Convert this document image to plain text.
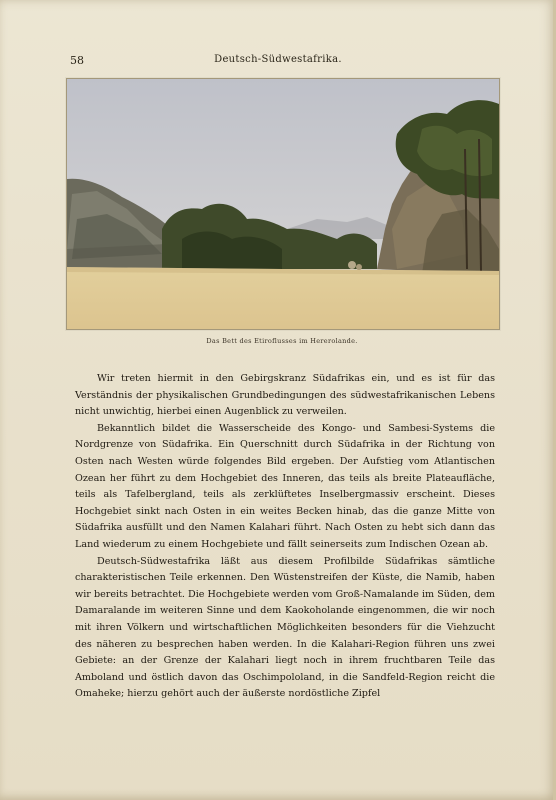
58	Deutsch-Südwestafrika.
Das Bett des Etiroflusses im Hererolande.

Wir treten hiermit in den Gebirgskranz Südafrikas ein, und es ist für das Verständnis der physikalischen Grundbedingungen des südwestafrikanischen Lebens nicht unwichtig, hierbei einen Augenblick zu verweilen.

Bekanntlich bildet die Wasserscheide des Kongo- und Sambesi-Systems die Nordgrenze von Südafrika. Ein Querschnitt durch Südafrika in der Richtung von Osten nach Westen würde folgendes Bild ergeben. Der Aufstieg vom Atlantischen Ozean her führt zu dem Hochgebiet des Inneren, das teils als breite Plateaufläche, teils als Tafelbergland, teils als zerklüftetes Inselbergmassiv erscheint. Dieses Hochgebiet sinkt nach Osten in ein weites Becken hinab, das die ganze Mitte von Südafrika ausfüllt und den Namen Kalahari führt. Nach Osten zu hebt sich dann das Land wiederum zu einem Hochgebiete und fällt seinerseits zum Indischen Ozean ab.

Deutsch-Südwestafrika läßt aus diesem Profilbilde Südafrikas sämtliche charakteristischen Teile erkennen. Den Wüstenstreifen der Küste, die Namib, haben wir bereits betrachtet. Die Hochgebiete werden vom Groß-Namalande im Süden, dem Damaralande im weiteren Sinne und dem Kaokoholande eingenommen, die wir noch mit ihren Völkern und wirtschaftlichen Möglichkeiten besonders für die Viehzucht des näheren zu besprechen haben werden. In die Kalahari-Region führen uns zwei Gebiete: an der Grenze der Kalahari liegt noch in ihrem fruchtbaren Teile das Amboland und östlich davon das Oschimpololand, in die Sandfeld-Region reicht die Omaheke; hierzu gehört auch der äußerste nordöstliche Zipfel
